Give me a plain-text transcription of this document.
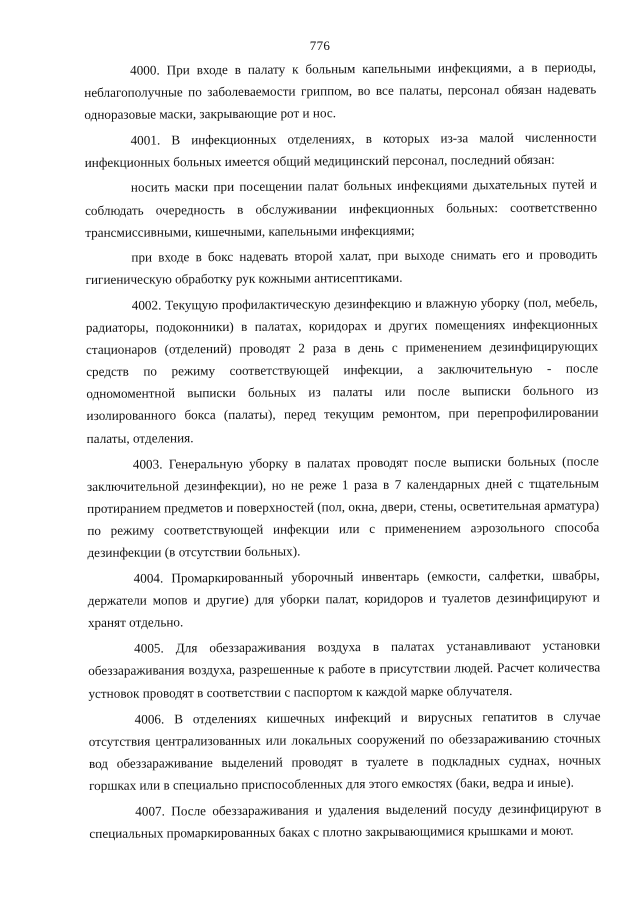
776

4000. При входе в палату к больным капельными инфекциями, а в периоды, неблагополучные по заболеваемости гриппом, во все палаты, персонал обязан надевать одноразовые маски, закрывающие рот и нос.

4001. В инфекционных отделениях, в которых из-за малой численности инфекционных больных имеется общий медицинский персонал, последний обязан:

носить маски при посещении палат больных инфекциями дыхательных путей и соблюдать очередность в обслуживании инфекционных больных: соответственно трансмиссивными, кишечными, капельными инфекциями;

при входе в бокс надевать второй халат, при выходе снимать его и проводить гигиеническую обработку рук кожными антисептиками.

4002. Текущую профилактическую дезинфекцию и влажную уборку (пол, мебель, радиаторы, подоконники) в палатах, коридорах и других помещениях инфекционных стационаров (отделений) проводят 2 раза в день с применением дезинфицирующих средств по режиму соответствующей инфекции, а заключительную - после одномоментной выписки больных из палаты или после выписки больного из изолированного бокса (палаты), перед текущим ремонтом, при перепрофилировании палаты, отделения.

4003. Генеральную уборку в палатах проводят после выписки больных (после заключительной дезинфекции), но не реже 1 раза в 7 календарных дней с тщательным протиранием предметов и поверхностей (пол, окна, двери, стены, осветительная арматура) по режиму соответствующей инфекции или с применением аэрозольного способа дезинфекции (в отсутствии больных).

4004. Промаркированный уборочный инвентарь (емкости, салфетки, швабры, держатели мопов и другие) для уборки палат, коридоров и туалетов дезинфицируют и хранят отдельно.

4005. Для обеззараживания воздуха в палатах устанавливают установки обеззараживания воздуха, разрешенные к работе в присутствии людей. Расчет количества устновок проводят в соответствии с паспортом к каждой марке облучателя.

4006. В отделениях кишечных инфекций и вирусных гепатитов в случае отсутствия централизованных или локальных сооружений по обеззараживанию сточных вод обеззараживание выделений проводят в туалете в подкладных суднах, ночных горшках или в специально приспособленных для этого емкостях (баки, ведра и иные).

4007. После обеззараживания и удаления выделений посуду дезинфицируют в специальных промаркированных баках с плотно закрывающимися крышками и моют.
